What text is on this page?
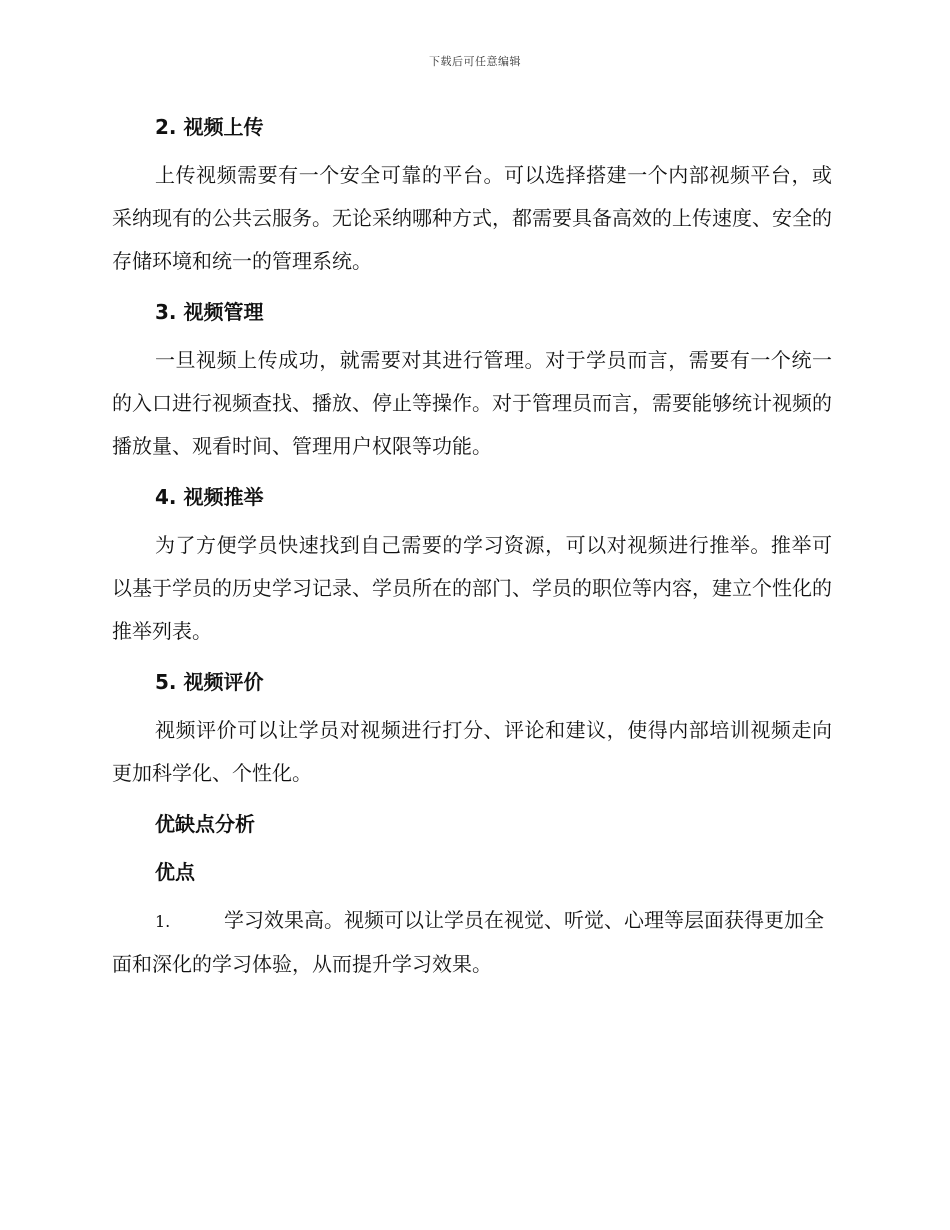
下载后可任意编辑
2. 视频上传

上传视频需要有一个安全可靠的平台。可以选择搭建一个内部视频平台，或采纳现有的公共云服务。无论采纳哪种方式，都需要具备高效的上传速度、安全的存储环境和统一的管理系统。

3. 视频管理

一旦视频上传成功，就需要对其进行管理。对于学员而言，需要有一个统一的入口进行视频查找、播放、停止等操作。对于管理员而言，需要能够统计视频的播放量、观看时间、管理用户权限等功能。

4. 视频推举

为了方便学员快速找到自己需要的学习资源，可以对视频进行推举。推举可以基于学员的历史学习记录、学员所在的部门、学员的职位等内容，建立个性化的推举列表。

5. 视频评价

视频评价可以让学员对视频进行打分、评论和建议，使得内部培训视频走向更加科学化、个性化。

优缺点分析
优点

1.	学习效果高。视频可以让学员在视觉、听觉、心理等层面获得更加全面和深化的学习体验，从而提升学习效果。
